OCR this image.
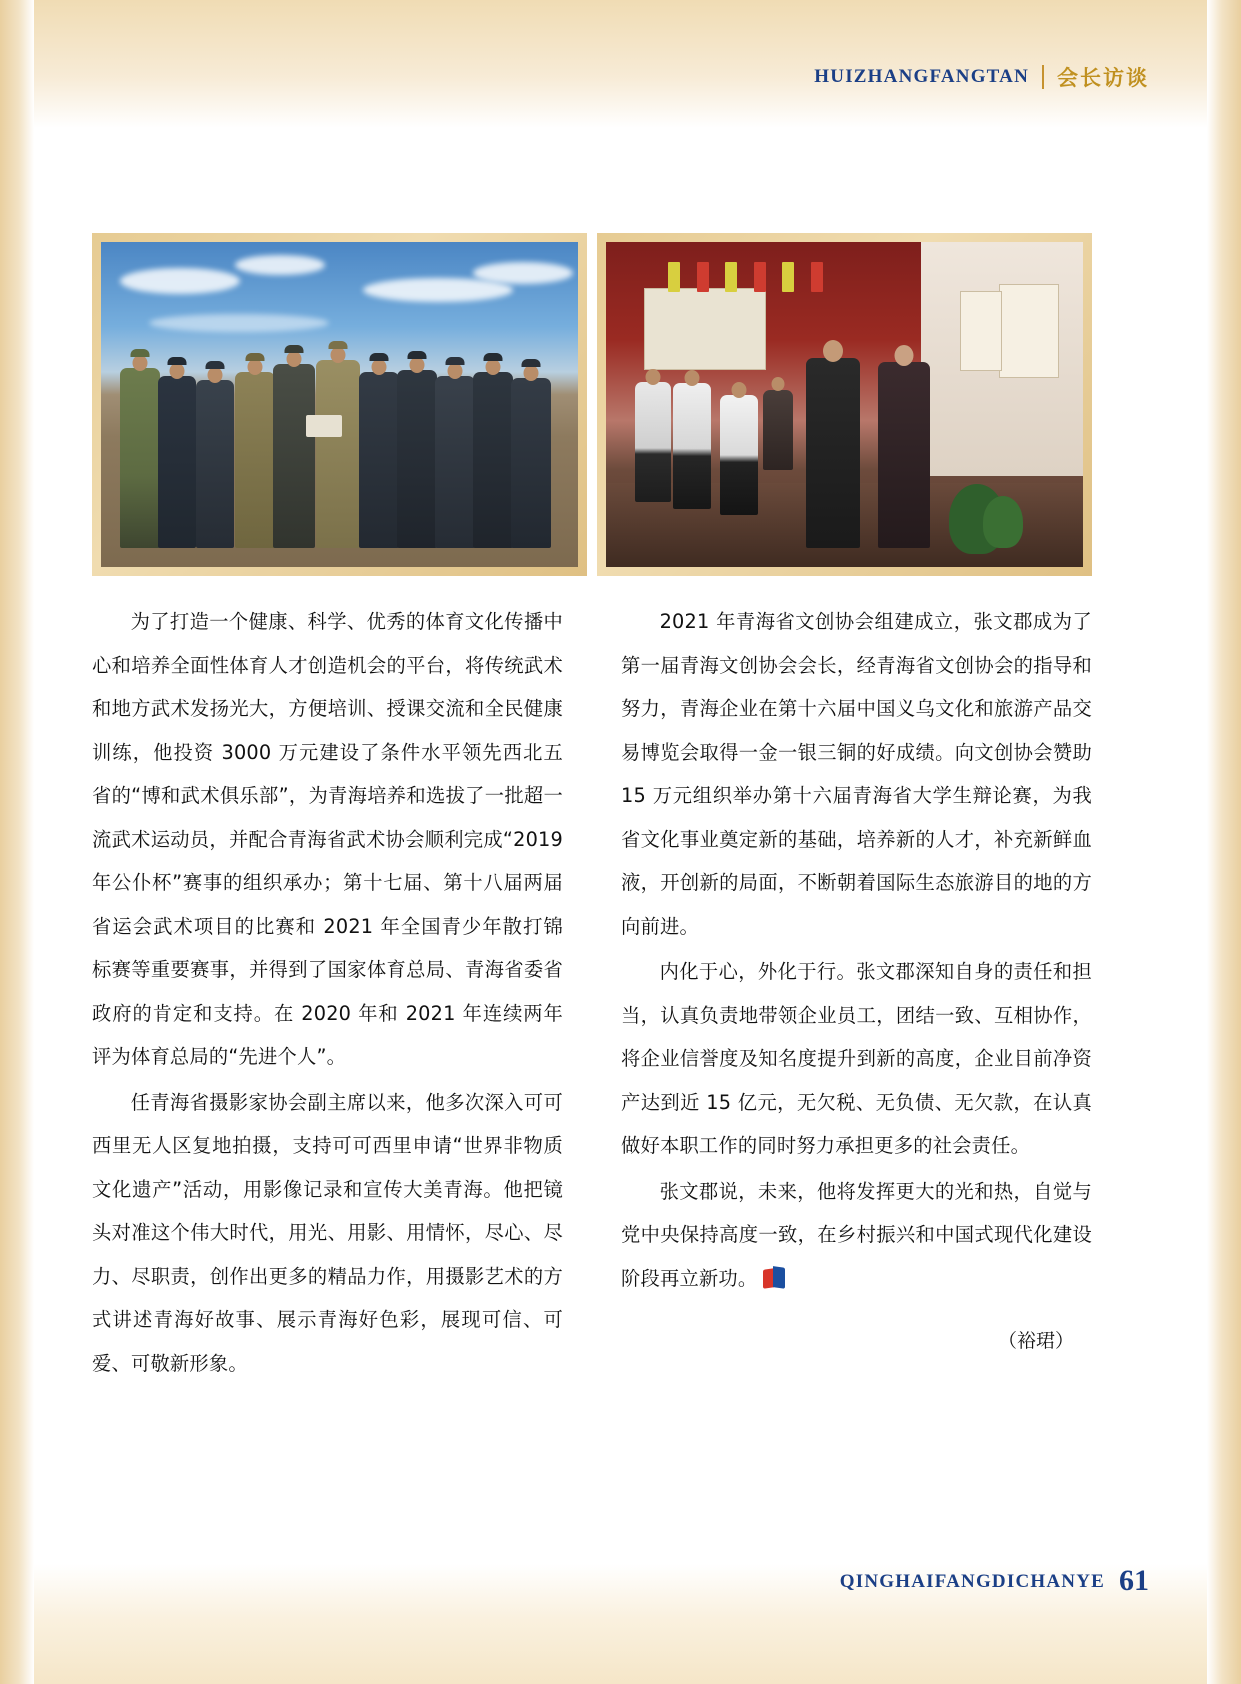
HUIZHANGFANGTAN 会长访谈

为了打造一个健康、科学、优秀的体育文化传播中心和培养全面性体育人才创造机会的平台，将传统武术和地方武术发扬光大，方便培训、授课交流和全民健康训练，他投资 3000 万元建设了条件水平领先西北五省的“博和武术俱乐部”，为青海培养和选拔了一批超一流武术运动员，并配合青海省武术协会顺利完成“2019 年公仆杯”赛事的组织承办；第十七届、第十八届两届省运会武术项目的比赛和 2021 年全国青少年散打锦标赛等重要赛事，并得到了国家体育总局、青海省委省政府的肯定和支持。在 2020 年和 2021 年连续两年评为体育总局的“先进个人”。

任青海省摄影家协会副主席以来，他多次深入可可西里无人区复地拍摄，支持可可西里申请“世界非物质文化遗产”活动，用影像记录和宣传大美青海。他把镜头对准这个伟大时代，用光、用影、用情怀，尽心、尽力、尽职责，创作出更多的精品力作，用摄影艺术的方式讲述青海好故事、展示青海好色彩，展现可信、可爱、可敬新形象。

2021 年青海省文创协会组建成立，张文郡成为了第一届青海文创协会会长，经青海省文创协会的指导和努力，青海企业在第十六届中国义乌文化和旅游产品交易博览会取得一金一银三铜的好成绩。向文创协会赞助 15 万元组织举办第十六届青海省大学生辩论赛，为我省文化事业奠定新的基础，培养新的人才，补充新鲜血液，开创新的局面，不断朝着国际生态旅游目的地的方向前进。

内化于心，外化于行。张文郡深知自身的责任和担当，认真负责地带领企业员工，团结一致、互相协作，将企业信誉度及知名度提升到新的高度，企业目前净资产达到近 15 亿元，无欠税、无负债、无欠款，在认真做好本职工作的同时努力承担更多的社会责任。

张文郡说，未来，他将发挥更大的光和热，自觉与党中央保持高度一致，在乡村振兴和中国式现代化建设阶段再立新功。

（裕珺）
QINGHAIFANGDICHANYE 61
